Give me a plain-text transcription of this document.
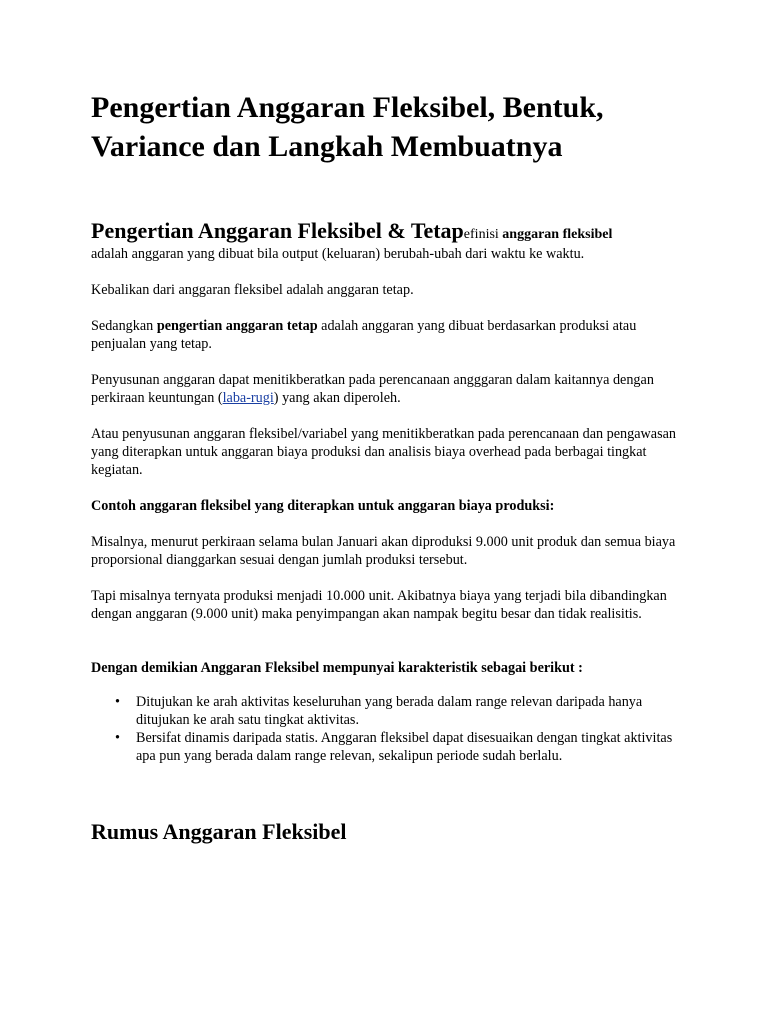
Pengertian Anggaran Fleksibel, Bentuk, Variance dan Langkah Membuatnya
Pengertian Anggaran Fleksibel & Tetapefinisi anggaran fleksibel

adalah anggaran yang dibuat bila output (keluaran) berubah-ubah dari waktu ke waktu.

Kebalikan dari anggaran fleksibel adalah anggaran tetap.

Sedangkan pengertian anggaran tetap adalah anggaran yang dibuat berdasarkan produksi atau penjualan yang tetap.

Penyusunan anggaran dapat menitikberatkan pada perencanaan angggaran dalam kaitannya dengan perkiraan keuntungan (laba-rugi) yang akan diperoleh.

Atau penyusunan anggaran fleksibel/variabel yang menitikberatkan pada perencanaan dan pengawasan yang diterapkan untuk anggaran biaya produksi dan analisis biaya overhead pada berbagai tingkat kegiatan.

Contoh anggaran fleksibel yang diterapkan untuk anggaran biaya produksi:

Misalnya, menurut perkiraan selama bulan Januari akan diproduksi 9.000 unit produk dan semua biaya proporsional dianggarkan sesuai dengan jumlah produksi tersebut.

Tapi misalnya ternyata produksi menjadi 10.000 unit. Akibatnya biaya yang terjadi bila dibandingkan dengan anggaran (9.000 unit) maka penyimpangan akan nampak begitu besar dan tidak realisitis.

Dengan demikian Anggaran Fleksibel mempunyai karakteristik sebagai berikut :

• Ditujukan ke arah aktivitas keseluruhan yang berada dalam range relevan daripada hanya ditujukan ke arah satu tingkat aktivitas.
• Bersifat dinamis daripada statis. Anggaran fleksibel dapat disesuaikan dengan tingkat aktivitas apa pun yang berada dalam range relevan, sekalipun periode sudah berlalu.
Rumus Anggaran Fleksibel
